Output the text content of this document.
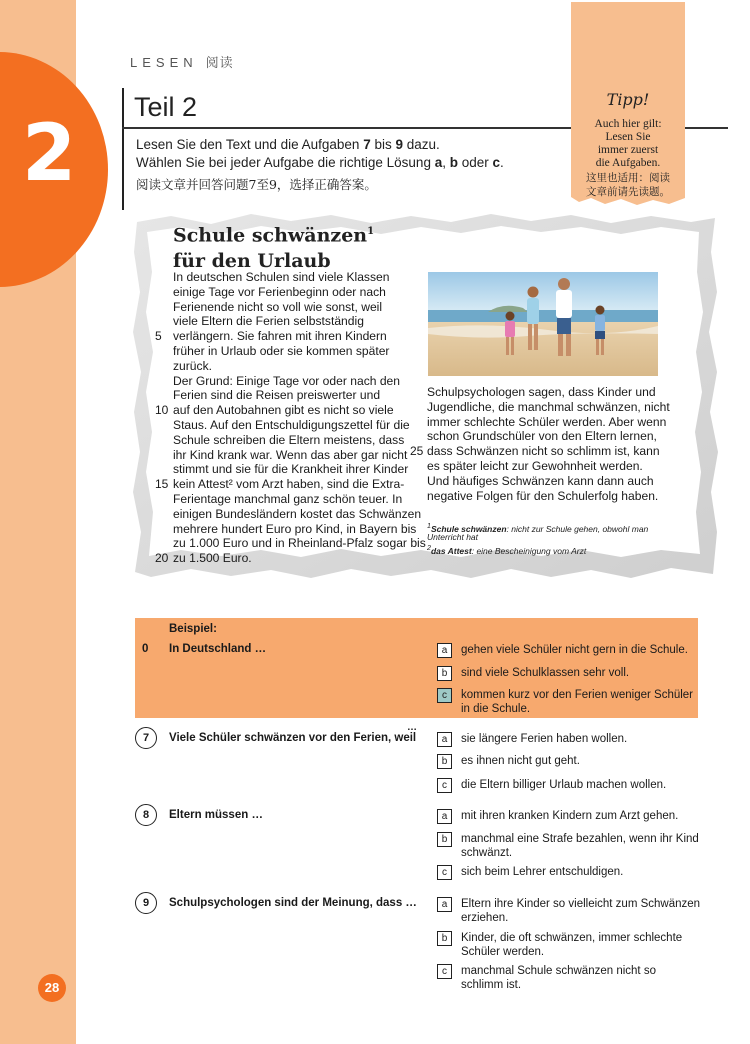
2
28
LESEN 阅读
Teil 2
Lesen Sie den Text und die Aufgaben 7 bis 9 dazu.
Wählen Sie bei jeder Aufgabe die richtige Lösung a, b oder c.
阅读文章并回答问题7至9，选择正确答案。
Tipp!
Auch hier gilt:
Lesen Sie
immer zuerst
die Aufgaben.
这里也适用：阅读
文章前请先读题。
Schule schwänzen$^1$
für den Urlaub
In deutschen Schulen sind viele Klassen
einige Tage vor Ferienbeginn oder nach
Ferienende nicht so voll wie sonst, weil
viele Eltern die Ferien selbstständig
verlängern. Sie fahren mit ihren Kindern
früher in Urlaub oder sie kommen später
zurück.
Der Grund: Einige Tage vor oder nach den
Ferien sind die Reisen preiswerter und
auf den Autobahnen gibt es nicht so viele
Staus. Auf den Entschuldigungszettel für die
Schule schreiben die Eltern meistens, dass
ihr Kind krank war. Wenn das aber gar nicht
stimmt und sie für die Krankheit ihrer Kinder
kein Attest² vom Arzt haben, sind die Extra-
Ferientage manchmal ganz schön teuer. In
einigen Bundesländern kostet das Schwänzen
mehrere hundert Euro pro Kind, in Bayern bis
zu 1.000 Euro und in Rheinland-Pfalz sogar bis
zu 1.500 Euro.
5
10
15
20
25
Schulpsychologen sagen, dass Kinder und
Jugendliche, die manchmal schwänzen, nicht
immer schlechte Schüler werden. Aber wenn
schon Grundschüler von den Eltern lernen,
dass Schwänzen nicht so schlimm ist, kann
es später leicht zur Gewohnheit werden.
Und häufiges Schwänzen kann dann auch
negative Folgen für den Schulerfolg haben.
$^1$Schule schwänzen: nicht zur Schule gehen, obwohl man
Unterricht hat
$^2$das Attest: eine Bescheinigung vom Arzt
Beispiel:
0 In Deutschland …	a	gehen viele Schüler nicht gern in die Schule.
b	sind viele Schulklassen sehr voll.
c	kommen kurz vor den Ferien weniger Schüler in die Schule.
7	Viele Schüler schwänzen vor den Ferien, weil
…
a	sie längere Ferien haben wollen.
b	es ihnen nicht gut geht.
c	die Eltern billiger Urlaub machen wollen.
8	Eltern müssen …	a	mit ihren kranken Kindern zum Arzt gehen.
b	manchmal eine Strafe bezahlen, wenn ihr Kind schwänzt.
c	sich beim Lehrer entschuldigen.
9	Schulpsychologen sind der Meinung, dass …	a	Eltern ihre Kinder so vielleicht zum Schwänzen erziehen.
b	Kinder, die oft schwänzen, immer schlechte Schüler werden.
c	manchmal Schule schwänzen nicht so schlimm ist.
